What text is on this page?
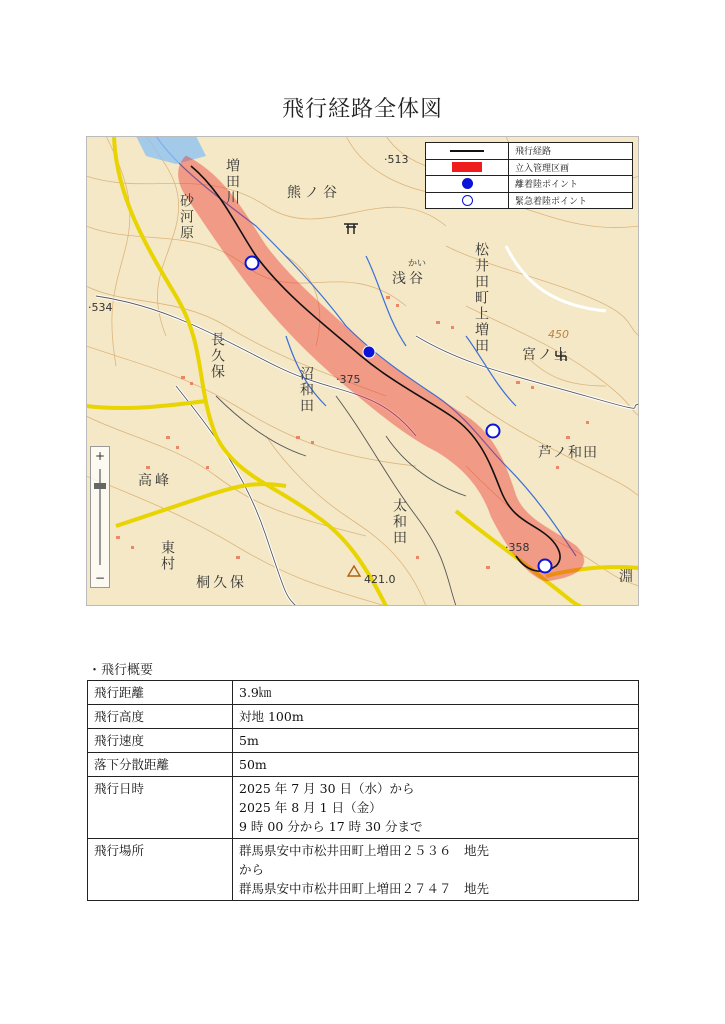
飛行経路全体図
増田川	熊ノ谷
·513
砂河原
·534
浅谷
かい	松井田町上増田	450
宮ノ上
長久保
沼和田 ·375
芦ノ和田
高峰
太和田
東村	·358
桐久保	421.0	淵
飛行経路
立入管理区画
離着陸ポイント
緊急着陸ポイント
+
−
・飛行概要
飛行距離	3.9㎞
飛行高度	対地 100m
飛行速度	5m
落下分散距離	50m
飛行日時	2025 年 7 月 30 日（水）から
2025 年 8 月 1 日（金）
9 時 00 分から 17 時 30 分まで

飛行場所	群馬県安中市松井田町上増田２５３６　地先
から
群馬県安中市松井田町上増田２７４７　地先
